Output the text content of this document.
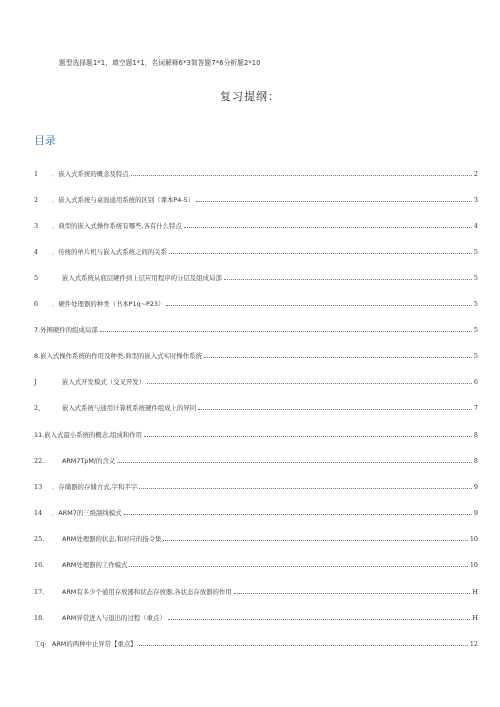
题型选择题1*1，填空题1*1，名词解释6*3简答题7*6分析题2*10
复习提纲：
目录
1	．嵌入式系统的概念及特点	2
2	．嵌入式系统与桌面通用系统的区别（课本P4-5）	3
3	．典型的嵌入式操作系统有哪些,各有什么特点	4
4	．传统的单片机与嵌入式系统之间的关系	5
5	嵌入式系统从底层硬件到上层应用程序的分层及组成局部	5
6	．硬件处理器的种类（书本P1q~P23）	5
7.外围硬件的组成局部	5
8.嵌入式操作系统的作用及种类,典型的嵌入式实时操作系统	5
J	嵌入式开发模式（交叉开发）	6
2、	嵌入式系统与通用计算机系统硬件组成上的异同	7
11.嵌入式最小系统的概念,组成和作用	8
22.	ARM7TpM/的含义	8
13	．存储器的存储方式,字和半字	9
14	．ARM7的三级制线模式	9
25.	ARM处理器的状态,和对应的指令集	10
16.	ARM处理器的工作模式	10
17.	ARM有多少个通用存放器和状态存放器,各状态存放器的作用	H
18.	ARM异常进入与退出的过程（重点）	H
工q· ARM的两种中止异常【重点】	12
